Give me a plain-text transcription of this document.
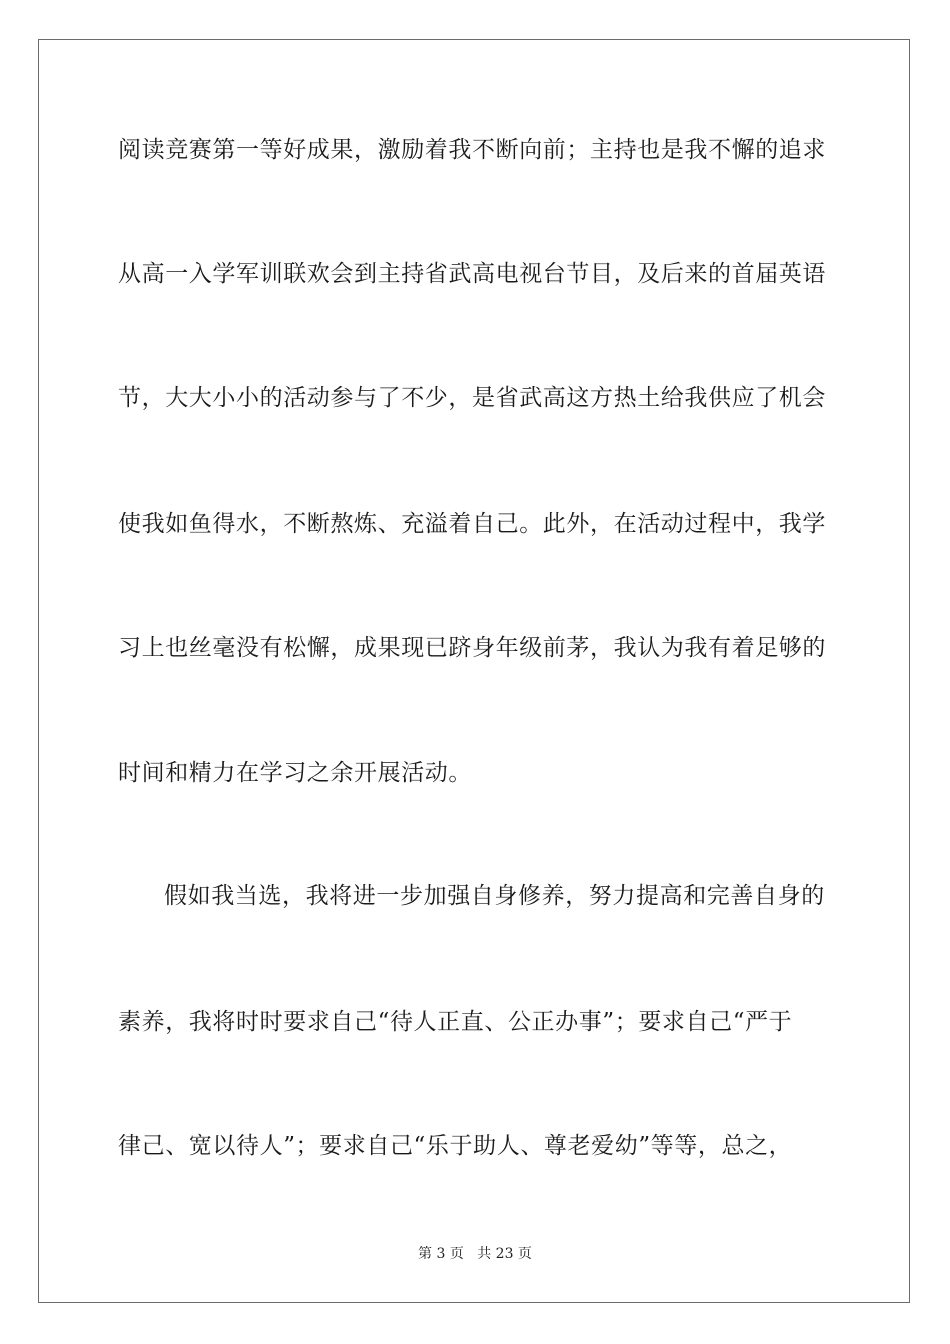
阅读竞赛第一等好成果，激励着我不断向前；主持也是我不懈的追求
从高一入学军训联欢会到主持省武高电视台节目，及后来的首届英语
节，大大小小的活动参与了不少，是省武高这方热土给我供应了机会
使我如鱼得水，不断熬炼、充溢着自己。此外，在活动过程中，我学
习上也丝毫没有松懈，成果现已跻身年级前茅，我认为我有着足够的
时间和精力在学习之余开展活动。
假如我当选，我将进一步加强自身修养，努力提高和完善自身的
素养，我将时时要求自己“待人正直、公正办事”；要求自己“严于
律己、宽以待人”；要求自己“乐于助人、尊老爱幼”等等，总之，
第 3 页 共 23 页
